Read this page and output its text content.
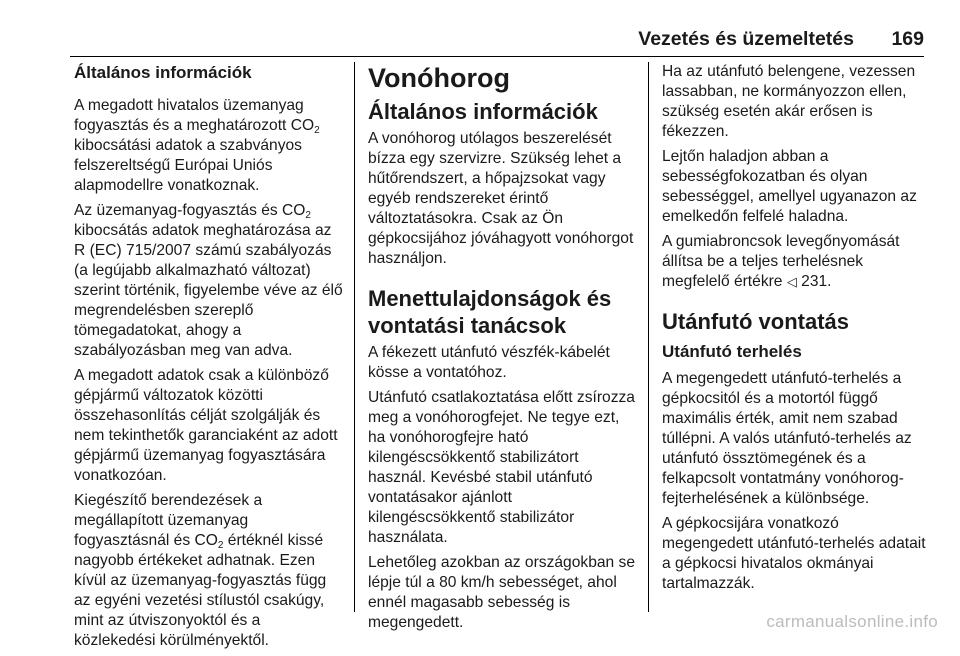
Vezetés és üzemeltetés 169
Általános információk

A megadott hivatalos üzemanyag fogyasztás és a meghatározott $CO_2$ kibocsátási adatok a szabványos felszereltségű Európai Uniós alapmodellre vonatkoznak.

Az üzemanyag-fogyasztás és $CO_2$ kibocsátás adatok meghatározása az R (EC) 715/2007 számú szabályozás (a legújabb alkalmazható változat) szerint történik, figyelembe véve az élő megrendelésben szereplő tömegadatokat, ahogy a szabályozásban meg van adva.

A megadott adatok csak a különböző gépjármű változatok közötti összehasonlítás célját szolgálják és nem tekinthetők garanciaként az adott gépjármű üzemanyag fogyasztására vonatkozóan.

Kiegészítő berendezések a megállapított üzemanyag fogyasztásnál és $CO_2$ értéknél kissé nagyobb értékeket adhatnak. Ezen kívül az üzemanyag-fogyasztás függ az egyéni vezetési stílustól csakúgy, mint az útviszonyoktól és a közlekedési körülményektől.

Vonóhorog
Általános információk

A vonóhorog utólagos beszerelését bízza egy szervizre. Szükség lehet a hűtőrendszert, a hőpajzsokat vagy egyéb rendszereket érintő változtatásokra. Csak az Ön gépkocsijához jóváhagyott vonóhorgot használjon.

Menettulajdonságok és vontatási tanácsok

A fékezett utánfutó vészfék-kábelét kösse a vontatóhoz.

Utánfutó csatlakoztatása előtt zsírozza meg a vonóhorogfejet. Ne tegye ezt, ha vonóhorogfejre ható kilengéscsökkentő stabilizátort használ. Kevésbé stabil utánfutó vontatásakor ajánlott kilengéscsökkentő stabilizátor használata.

Lehetőleg azokban az országokban se lépje túl a 80 km/h sebességet, ahol ennél magasabb sebesség is megengedett.

Ha az utánfutó belengene, vezessen lassabban, ne kormányozzon ellen, szükség esetén akár erősen is fékezzen.

Lejtőn haladjon abban a sebességfokozatban és olyan sebességgel, amellyel ugyanazon az emelkedőn felfelé haladna.

A gumiabroncsok levegőnyomását állítsa be a teljes terhelésnek megfelelő értékre ◁ 231.

Utánfutó vontatás
Utánfutó terhelés

A megengedett utánfutó-terhelés a gépkocsitól és a motortól függő maximális érték, amit nem szabad túllépni. A valós utánfutó-terhelés az utánfutó össztömegének és a felkapcsolt vontatmány vonóhorog-fejterhelésének a különbsége.

A gépkocsijára vonatkozó megengedett utánfutó-terhelés adatait a gépkocsi hivatalos okmányai tartalmazzák.

carmanualsonline.info
